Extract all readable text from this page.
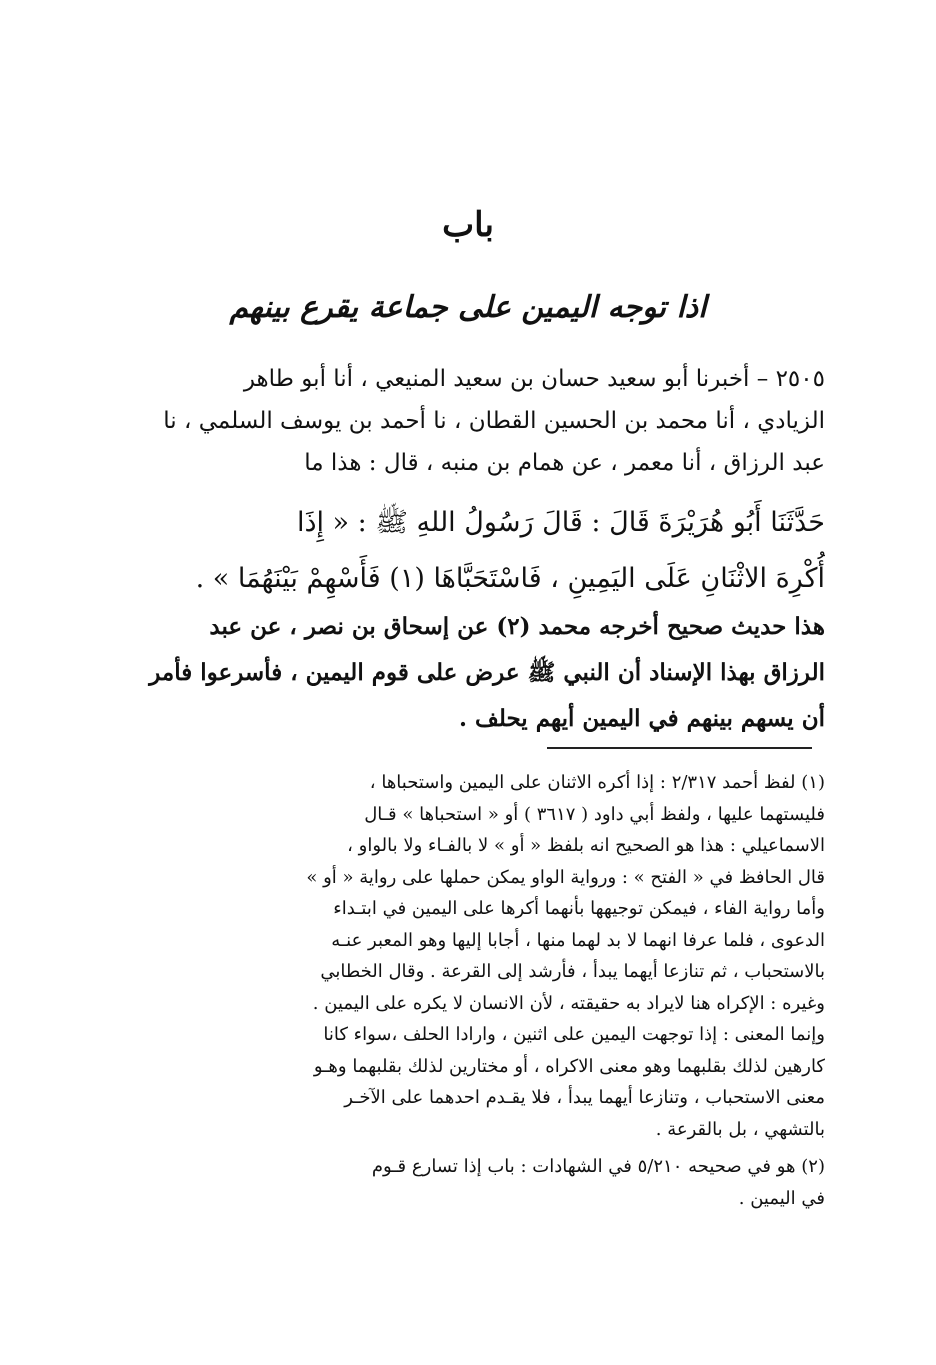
باب
اذا توجه اليمين على جماعة يقرع بينهم
٢٥٠٥ – أخبرنا أبو سعيد حسان بن سعيد المنيعي ، أنا أبو طاهر
الزيادي ، أنا محمد بن الحسين القطان ، نا أحمد بن يوسف السلمي ، نا
عبد الرزاق ، أنا معمر ، عن همام بن منبه ، قال : هذا ما
حَدَّثَنَا أَبُو هُرَيْرَةَ قَالَ : قَالَ رَسُولُ اللهِ ﷺ : « إِذَا
أُكْرِهَ الاثْنَانِ عَلَى اليَمِينِ ، فَاسْتَحَبَّاهَا (١) فَأَسْهِمْ بَيْنَهُمَا » .
هذا حديث صحيح أخرجه محمد (٢) عن إسحاق بن نصر ، عن عبد
الرزاق بهذا الإسناد أن النبي ﷺ عرض على قوم اليمين ، فأسرعوا فأمر
أن يسهم بينهم في اليمين أيهم يحلف .
(١) لفظ أحمد ٢/٣١٧ : إذا أكره الاثنان على اليمين واستحباها ،
فليستهما عليها ، ولفظ أبي داود ( ٣٦١٧ ) أو « استحباها » قـال
الاسماعيلي : هذا هو الصحيح انه بلفظ « أو » لا بالفـاء ولا بالواو ،
قال الحافظ في « الفتح » : ورواية الواو يمكن حملها على رواية « أو »
وأما رواية الفاء ، فيمكن توجيهها بأنهما أكرها على اليمين في ابتـداء
الدعوى ، فلما عرفا انهما لا بد لهما منها ، أجابا إليها وهو المعبر عنـه
بالاستحباب ، ثم تنازعا أيهما يبدأ ، فأرشد إلى القرعة . وقال الخطابي
وغيره : الإكراه هنا لايراد به حقيقته ، لأن الانسان لا يكره على اليمين .
وإنما المعنى : إذا توجهت اليمين على اثنين ، وارادا الحلف ،سواء كانا
كارهين لذلك بقلبهما وهو معنى الاكراه ، أو مختارين لذلك بقلبهما وهـو
معنى الاستحباب ، وتنازعا أيهما يبدأ ، فلا يقـدم احدهما على الآخـر
بالتشهي ، بل بالقرعة .
(٢) هو في صحيحه ٥/٢١٠ في الشهادات : باب إذا تسارع قـوم
في اليمين .
